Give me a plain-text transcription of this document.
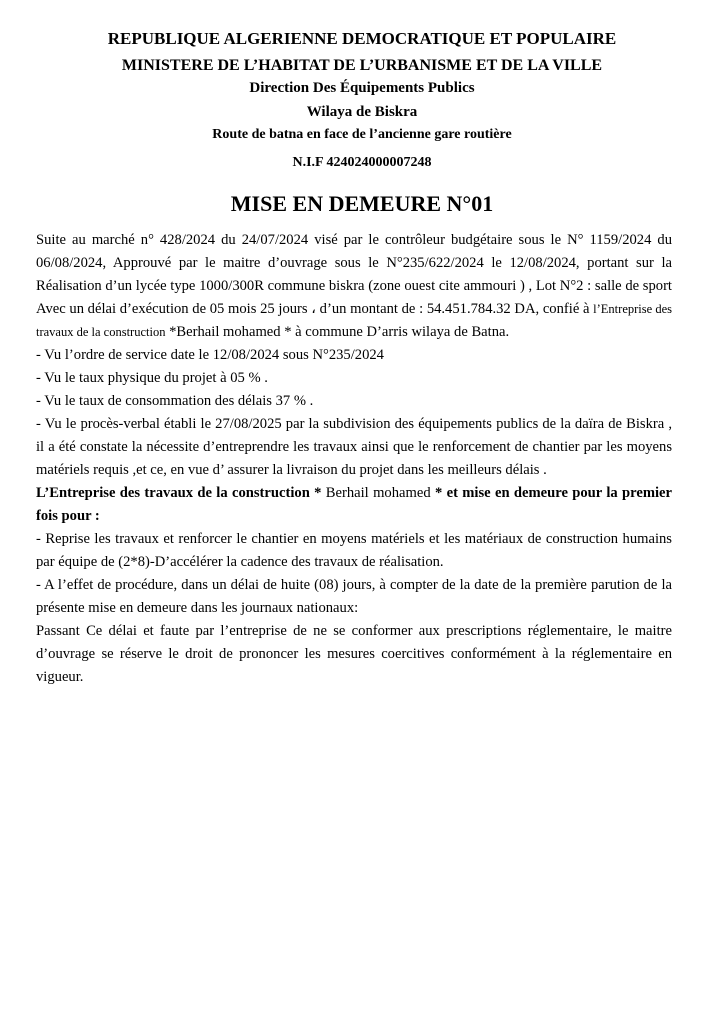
REPUBLIQUE ALGERIENNE DEMOCRATIQUE ET POPULAIRE
MINISTERE DE L’HABITAT DE L’URBANISME ET DE LA VILLE
Direction Des Équipements Publics
Wilaya de Biskra
Route de batna en face de l’ancienne gare routière
N.I.F 424024000007248
MISE EN DEMEURE N°01

Suite au marché n° 428/2024 du 24/07/2024 visé par le contrôleur budgétaire sous le N° 1159/2024 du 06/08/2024, Approuvé par le maitre d’ouvrage sous le N°235/622/2024 le 12/08/2024, portant sur la Réalisation d’un lycée type 1000/300R commune biskra (zone ouest cite ammouri ) , Lot N°2 : salle de sport Avec un délai d’exécution de 05 mois 25 jours ، d’un montant de : 54.451.784.32 DA, confié à l’Entreprise des travaux de la construction *Berhail mohamed * à commune D’arris wilaya de Batna.

- Vu l’ordre de service date le 12/08/2024 sous N°235/2024

- Vu le taux physique du projet à 05 % .

- Vu le taux de consommation des délais 37 % .

- Vu le procès-verbal établi le 27/08/2025 par la subdivision des équipements publics de la daïra de Biskra , il a été constate la nécessite d’entreprendre les travaux ainsi que le renforcement de chantier par les moyens matériels requis ,et ce, en vue d’ assurer la livraison du projet dans les meilleurs délais .

L’Entreprise des travaux de la construction * Berhail mohamed * et mise en demeure pour la premier fois pour :

- Reprise les travaux et renforcer le chantier en moyens matériels et les matériaux de construction humains par équipe de (2*8)-D’accélérer la cadence des travaux de réalisation.

- A l’effet de procédure, dans un délai de huite (08) jours, à compter de la date de la première parution de la présente mise en demeure dans les journaux nationaux:

Passant Ce délai et faute par l’entreprise de ne se conformer aux prescriptions réglementaire, le maitre d’ouvrage se réserve le droit de prononcer les mesures coercitives conformément à la réglementaire en vigueur.
